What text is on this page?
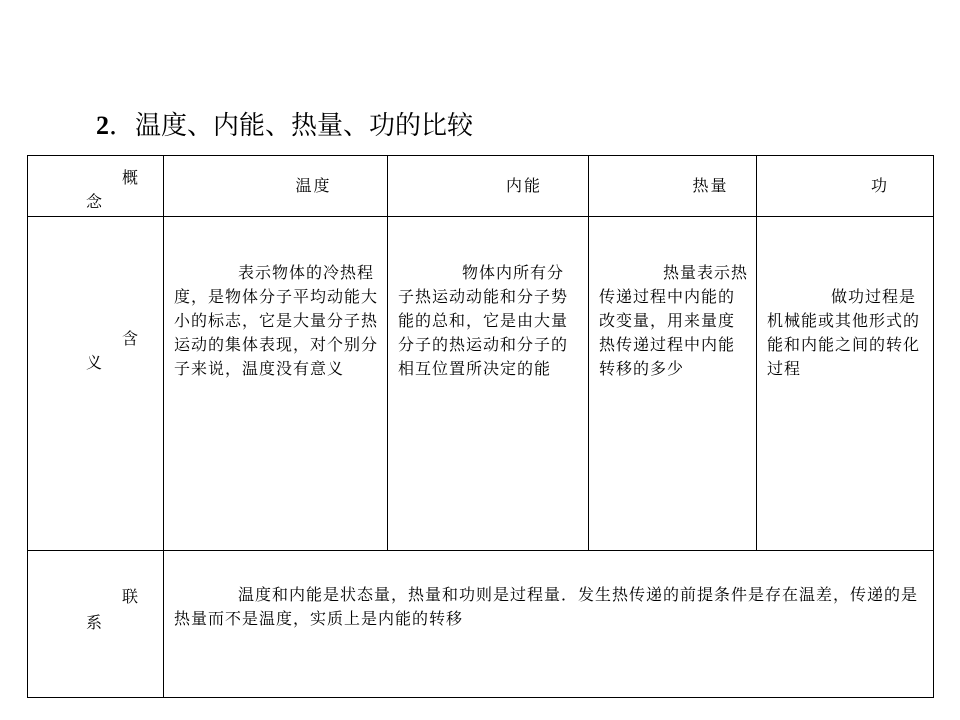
2．温度、内能、热量、功的比较
概
念	温度	内能	热量	功

含
义	表示物体的冷热程度，是物体分子平均动能大小的标志，它是大量分子热运动的集体表现，对个别分子来说，温度没有意义	物体内所有分子热运动动能和分子势能的总和，它是由大量分子的热运动和分子的相互位置所决定的能	热量表示热传递过程中内能的改变量，用来量度热传递过程中内能转移的多少	做功过程是机械能或其他形式的能和内能之间的转化过程

联
系	温度和内能是状态量，热量和功则是过程量．发生热传递的前提条件是存在温差，传递的是热量而不是温度，实质上是内能的转移			
